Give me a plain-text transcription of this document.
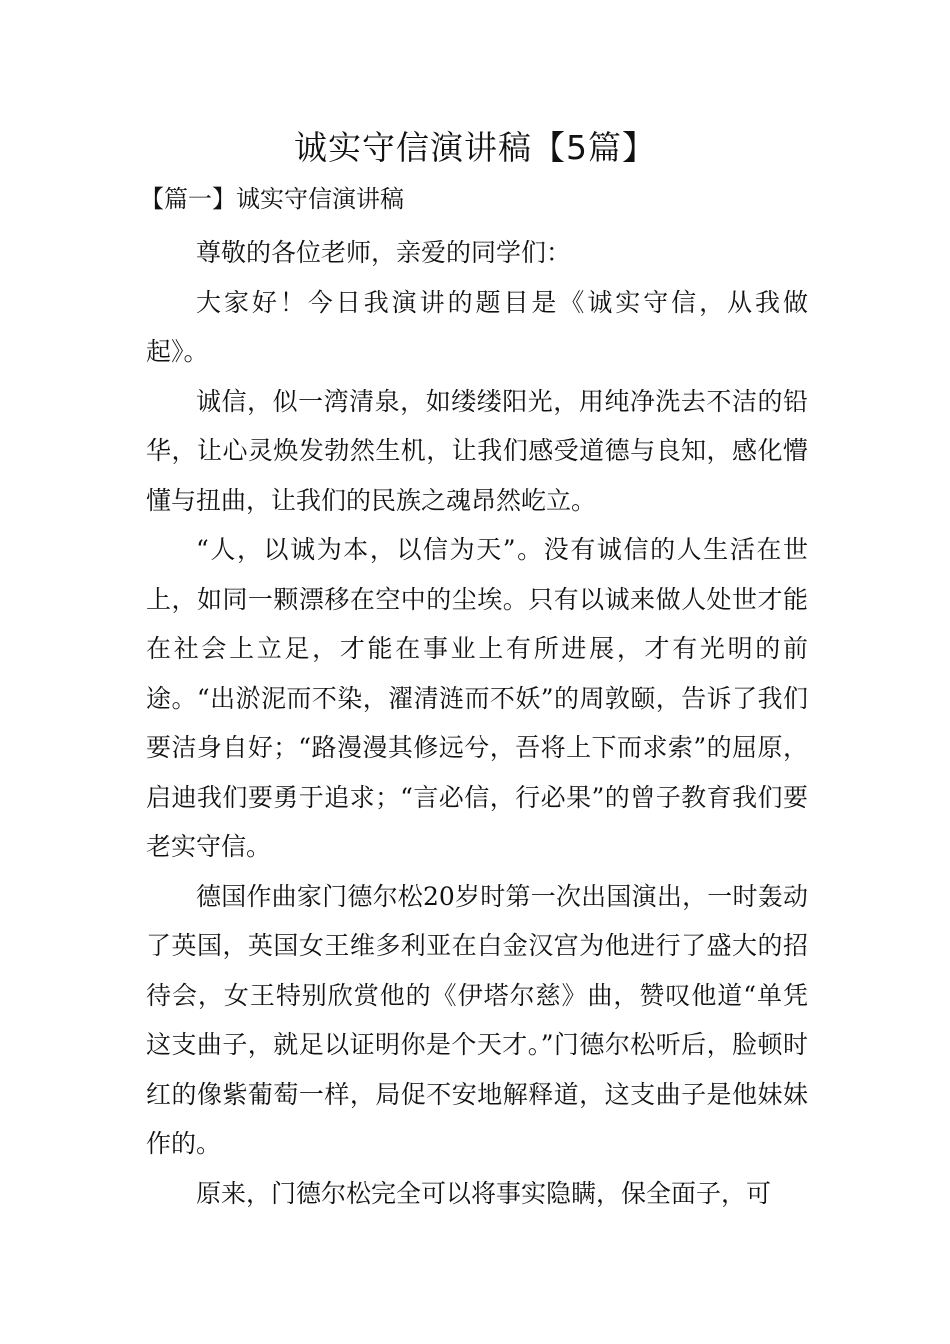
诚实守信演讲稿【5篇】
【篇一】诚实守信演讲稿

尊敬的各位老师，亲爱的同学们：

大家好！今日我演讲的题目是《诚实守信，从我做起》。

诚信，似一湾清泉，如缕缕阳光，用纯净洗去不洁的铅华，让心灵焕发勃然生机，让我们感受道德与良知，感化懵懂与扭曲，让我们的民族之魂昂然屹立。

“人，以诚为本，以信为天”。没有诚信的人生活在世上，如同一颗漂移在空中的尘埃。只有以诚来做人处世才能在社会上立足，才能在事业上有所进展，才有光明的前途。“出淤泥而不染，濯清涟而不妖”的周敦颐，告诉了我们要洁身自好；“路漫漫其修远兮，吾将上下而求索”的屈原，启迪我们要勇于追求；“言必信，行必果”的曾子教育我们要老实守信。

德国作曲家门德尔松20岁时第一次出国演出，一时轰动了英国，英国女王维多利亚在白金汉宫为他进行了盛大的招待会，女王特别欣赏他的《伊塔尔慈》曲，赞叹他道“单凭这支曲子，就足以证明你是个天才。”门德尔松听后，脸顿时红的像紫葡萄一样，局促不安地解释道，这支曲子是他妹妹作的。

原来，门德尔松完全可以将事实隐瞒，保全面子，可
